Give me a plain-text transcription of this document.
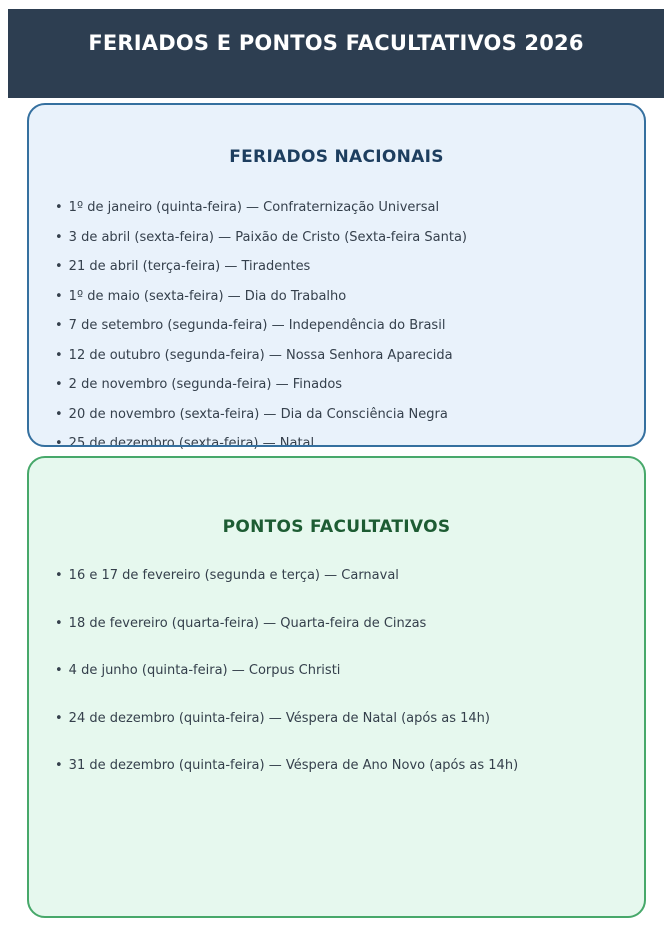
FERIADOS E PONTOS FACULTATIVOS 2026
FERIADOS NACIONAIS
• 1º de janeiro (quinta-feira) — Confraternização Universal
• 3 de abril (sexta-feira) — Paixão de Cristo (Sexta-feira Santa)
• 21 de abril (terça-feira) — Tiradentes
• 1º de maio (sexta-feira) — Dia do Trabalho
• 7 de setembro (segunda-feira) — Independência do Brasil
• 12 de outubro (segunda-feira) — Nossa Senhora Aparecida
• 2 de novembro (segunda-feira) — Finados
• 20 de novembro (sexta-feira) — Dia da Consciência Negra
• 25 de dezembro (sexta-feira) — Natal
PONTOS FACULTATIVOS
• 16 e 17 de fevereiro (segunda e terça) — Carnaval
• 18 de fevereiro (quarta-feira) — Quarta-feira de Cinzas
• 4 de junho (quinta-feira) — Corpus Christi
• 24 de dezembro (quinta-feira) — Véspera de Natal (após as 14h)
• 31 de dezembro (quinta-feira) — Véspera de Ano Novo (após as 14h)
